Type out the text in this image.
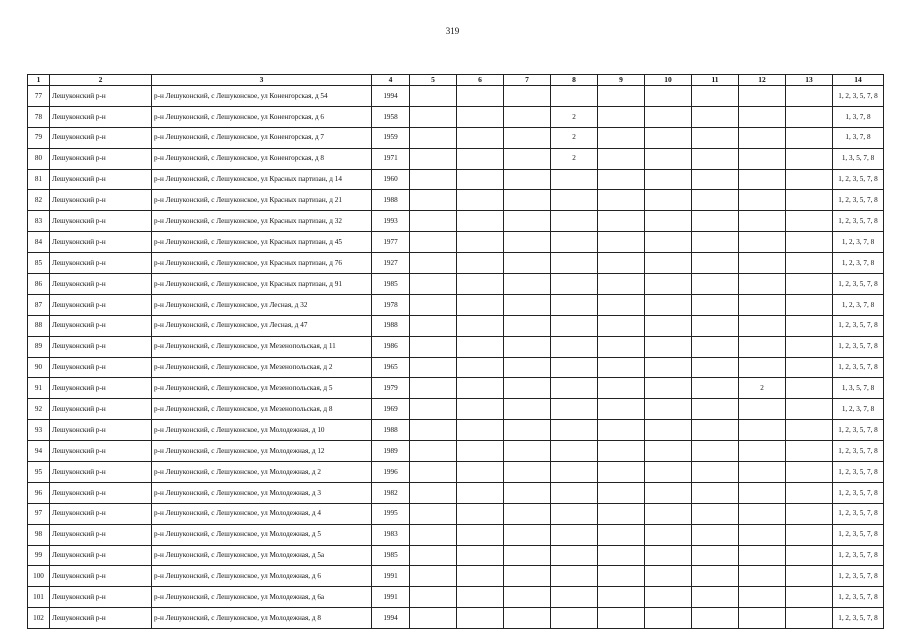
319
1	2	3	4	5	6	7	8	9	10	11	12	13	14
77	Лешуконский р-н	р-н Лешуконский, с Лешуконское, ул Коненгорская, д 54	1994										1, 2, 3, 5, 7, 8
78	Лешуконский р-н	р-н Лешуконский, с Лешуконское, ул Коненгорская, д 6	1958				2						1, 3, 7, 8
79	Лешуконский р-н	р-н Лешуконский, с Лешуконское, ул Коненгорская, д 7	1959				2						1, 3, 7, 8
80	Лешуконский р-н	р-н Лешуконский, с Лешуконское, ул Коненгорская, д 8	1971				2						1, 3, 5, 7, 8
81	Лешуконский р-н	р-н Лешуконский, с Лешуконское, ул Красных партизан, д 14	1960										1, 2, 3, 5, 7, 8
82	Лешуконский р-н	р-н Лешуконский, с Лешуконское, ул Красных партизан, д 21	1988										1, 2, 3, 5, 7, 8
83	Лешуконский р-н	р-н Лешуконский, с Лешуконское, ул Красных партизан, д 32	1993										1, 2, 3, 5, 7, 8
84	Лешуконский р-н	р-н Лешуконский, с Лешуконское, ул Красных партизан, д 45	1977										1, 2, 3, 7, 8
85	Лешуконский р-н	р-н Лешуконский, с Лешуконское, ул Красных партизан, д 76	1927										1, 2, 3, 7, 8
86	Лешуконский р-н	р-н Лешуконский, с Лешуконское, ул Красных партизан, д 91	1985										1, 2, 3, 5, 7, 8
87	Лешуконский р-н	р-н Лешуконский, с Лешуконское, ул Лесная, д 32	1978										1, 2, 3, 7, 8
88	Лешуконский р-н	р-н Лешуконский, с Лешуконское, ул Лесная, д 47	1988										1, 2, 3, 5, 7, 8
89	Лешуконский р-н	р-н Лешуконский, с Лешуконское, ул Мезенопольская, д 11	1986										1, 2, 3, 5, 7, 8
90	Лешуконский р-н	р-н Лешуконский, с Лешуконское, ул Мезенопольская, д 2	1965										1, 2, 3, 5, 7, 8
91	Лешуконский р-н	р-н Лешуконский, с Лешуконское, ул Мезенопольская, д 5	1979								2		1, 3, 5, 7, 8
92	Лешуконский р-н	р-н Лешуконский, с Лешуконское, ул Мезенопольская, д 8	1969										1, 2, 3, 7, 8
93	Лешуконский р-н	р-н Лешуконский, с Лешуконское, ул Молодежная, д 10	1988										1, 2, 3, 5, 7, 8
94	Лешуконский р-н	р-н Лешуконский, с Лешуконское, ул Молодежная, д 12	1989										1, 2, 3, 5, 7, 8
95	Лешуконский р-н	р-н Лешуконский, с Лешуконское, ул Молодежная, д 2	1996										1, 2, 3, 5, 7, 8
96	Лешуконский р-н	р-н Лешуконский, с Лешуконское, ул Молодежная, д 3	1982										1, 2, 3, 5, 7, 8
97	Лешуконский р-н	р-н Лешуконский, с Лешуконское, ул Молодежная, д 4	1995										1, 2, 3, 5, 7, 8
98	Лешуконский р-н	р-н Лешуконский, с Лешуконское, ул Молодежная, д 5	1983										1, 2, 3, 5, 7, 8
99	Лешуконский р-н	р-н Лешуконский, с Лешуконское, ул Молодежная, д 5а	1985										1, 2, 3, 5, 7, 8
100	Лешуконский р-н	р-н Лешуконский, с Лешуконское, ул Молодежная, д 6	1991										1, 2, 3, 5, 7, 8
101	Лешуконский р-н	р-н Лешуконский, с Лешуконское, ул Молодежная, д 6а	1991										1, 2, 3, 5, 7, 8
102	Лешуконский р-н	р-н Лешуконский, с Лешуконское, ул Молодежная, д 8	1994										1, 2, 3, 5, 7, 8
